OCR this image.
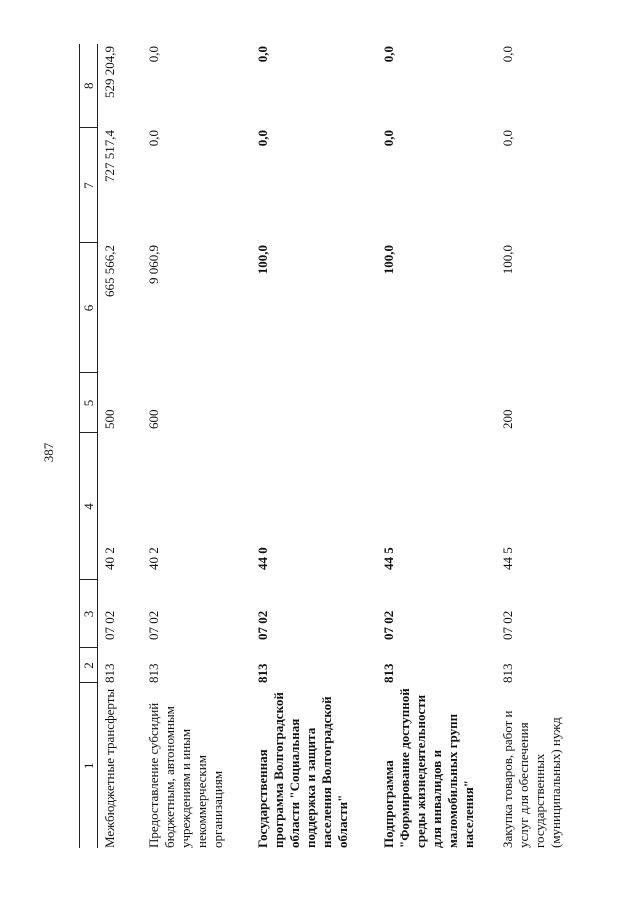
387
1	2	3	4	5	6	7	8
Межбюджетные трансферты	813	07 02	40 2	500	665 566,2	727 517,4	529 204,9
Предоставление субсидий бюджетным, автономным учреждениям и иным некоммерческим организациям	813	07 02	40 2	600	9 060,9	0,0	0,0
Государственная программа Волгоградской области "Социальная поддержка и защита населения Волгоградской области"	813	07 02	44 0		100,0	0,0	0,0
Подпрограмма "Формирование доступной среды жизнедеятельности для инвалидов и маломобильных групп населения"	813	07 02	44 5		100,0	0,0	0,0
Закупка товаров, работ и услуг для обеспечения государственных (муниципальных) нужд	813	07 02	44 5	200	100,0	0,0	0,0
